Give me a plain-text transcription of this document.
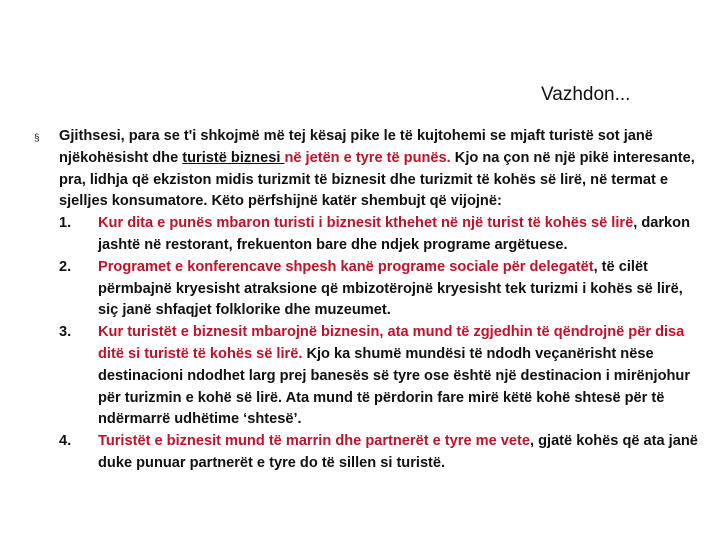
Vazhdon...
§ Gjithsesi, para se t'i shkojmë më tej kësaj pike le të kujtohemi se mjaft turistë sot janë njëkohësisht dhe turistë biznesi në jetën e tyre të punës. Kjo na çon në një pikë interesante, pra, lidhja që ekziston midis turizmit të biznesit dhe turizmit të kohës së lirë, në termat e sjelljes konsumatore. Këto përfshijnë katër shembujt që vijojnë:

1. Kur dita e punës mbaron turisti i biznesit kthehet në një turist të kohës së lirë, darkon jashtë në restorant, frekuenton bare dhe ndjek programe argëtuese.
2. Programet e konferencave shpesh kanë programe sociale për delegatët, të cilët përmbajnë kryesisht atraksione që mbizotërojnë kryesisht tek turizmi i kohës së lirë, siç janë shfaqjet folklorike dhe muzeumet.
3. Kur turistët e biznesit mbarojnë biznesin, ata mund të zgjedhin të qëndrojnë për disa ditë si turistë të kohës së lirë. Kjo ka shumë mundësi të ndodh veçanërisht nëse destinacioni ndodhet larg prej banesës së tyre ose është një destinacion i mirënjohur për turizmin e kohë së lirë. Ata mund të përdorin fare mirë këtë kohë shtesë për të ndërmarrë udhëtime ‘shtesë’.
4. Turistët e biznesit mund të marrin dhe partnerët e tyre me vete, gjatë kohës që ata janë duke punuar partnerët e tyre do të sillen si turistë.
